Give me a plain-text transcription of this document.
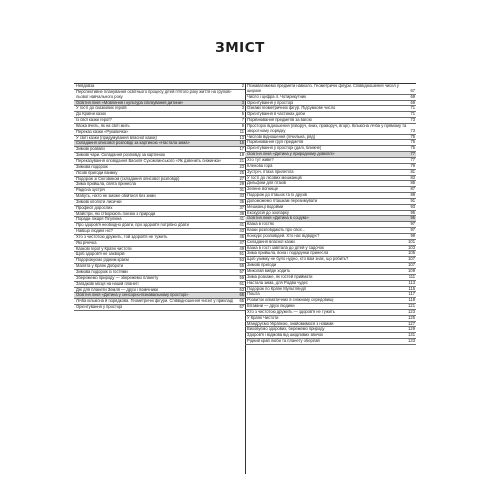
ЗМІСТ
Невдовза	2
Перспективне планування освітнього процесу дітей п'ятого року життя на групові- льової навчального року
Освітня лінія «Мовлення і культура спілкування дитини»	3
У гості до сказкових героїв	3
До Країни казок	5
Із свої казки герої?	7
Квока вчить, як на світі жить	9
Переказ казки «Рукавичка»	11
У світі казки (придумування власної казки)	13
Складання описової розповіді за картиною «Настала зима»	15
Зимові розваги	17
Зимові чари. Складання розповіді за картиною	19
Переказування оповідання Василя Сухомлинського «Як дзвенить сніжинка»	21
Зимова подорож	23
Лісові пригоди взимку	25
Подорож зі Сніговиком (складання описової розповіді)	27
Зима прийшла, свята принесла	29
Радісна зустріч	31
Мабуть, ніхто не зможе обійтися без зими	33
Зимові клопоти лисички	35
Професії дорослих	37
Майстри, які створюють поезію з природи	39
Поради лікаря Пігулкіна	41
Про здоров'я необхідно дбати, про здоров'я потрібно дбати	41
Навіщо людині ніс?	43
Хто з чистотою дружить, той здоров'я не тужить	45
Які річечка	47
Казкові герої у Країні чистоти	49
Щоб здоров'я не захворів	51
Подорожуємо рідним краєм	53
Малята у Країні Доброти	55
Зимова подорож із гостями	57
Збережемо природу — збережемо планету	59
Загадкові місця на нашій планеті	61
Дні для планети Земля — друзі і помічники	63
Освітня лінія «Дитина у сенсорно-пізнавальному просторі»	65
Лічба кількісна й порядкова. Геометричні фігури. Співвідношення чисел у прикладі 65
Орієнтування у просторі	67
Пізнаватимемо предмети навколо. Геометричні фігури. Співвідношення чисел у широке	67
Число і цифра 4. Чотирикутник	69
Орієнтування у просторі	69
Ознаки геометричних фігур. Підсумкове число	71
Орієнтування в частинах доби	71
Порівнювання предметів за вагою	73
Простороі відношення (ліворуч, вниз, праворуч, вгорі). Кількісна лічба у прямому та зворотному порядку	73
Числові відношення (лічильна, ряд)	75
Порівнювання груп предметів	75
Орієнтування у просторі (далі, ближче)	75
Освітня лінія «Дитина у природному довкіллі»	77
Хто тут живе?	77
Кленова гора	79
Зустріч, птаха прилетіла	81
У гості до лісових мешканців	83
Дельфіни для птахів	85
Зелене вогнище	87
Подорож до пташок та їх друзів	89
Допоможемо пташкам перезимувати	91
Мешканці водойми	93
Екскурсія до зоопарку	95
Освітня лінія «Дитина в соціумі»	95
Казка в гостях	97
Казки розповідають про своє...	97
Конкурс розповідей. Хто нас відвідує?	99
Складання власної казки	101
Казка в гості завітала до дітей у садочок	103
Зима прийшла, вона і подарунки принесла	105
Щоб узимку не було нудно, хто вам знає, що робить?	107
Зимові пригоди	107
Миколай вийде ходить	109
Зима розкаже, як гостей приймати	111
Настала зима, для Різдва чудес	113
Подорож по Країні Мультляндії	115
Пошта	117
Розвиток кліматичних в сніжному середовищі	119
Вітаміни — друзі людини	121
Хто з чистотою дружить — здоров'я не тужить	123
У Країні Чистоти	125
Мандруємо Україною, знайомимося з новими	127
Виховуємо здорових, бережемо природу	129
Здоров'я і відмова від шкідливих звичок	131
Рідний край люби та планету оберігай	133
